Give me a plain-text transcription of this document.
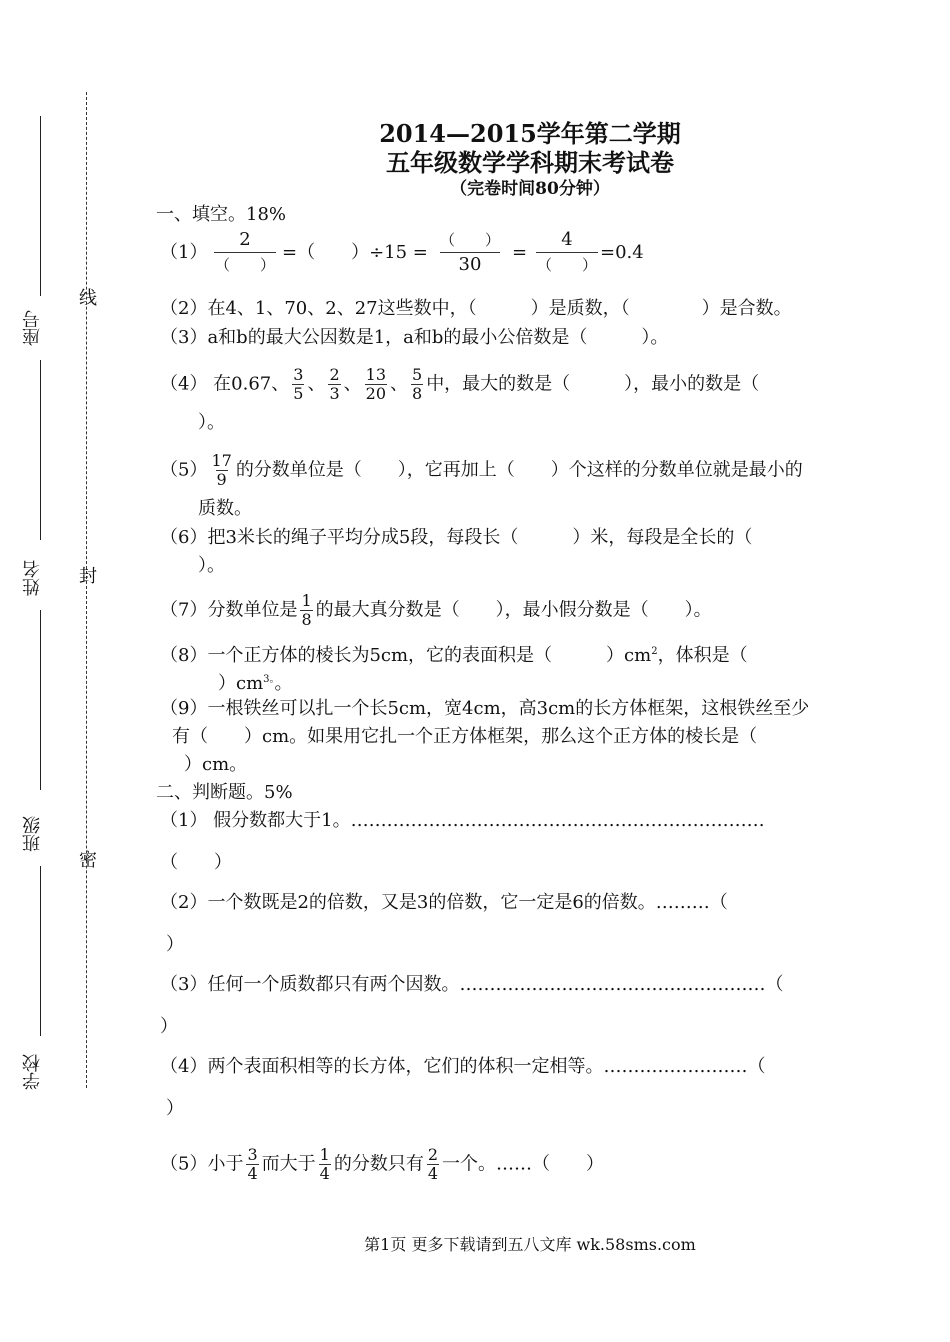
座号
姓名
班级
学校
线
封
密
2014—2015学年第二学期
五年级数学学科期末考试卷
（完卷时间80分钟）
一、填空。18%
（1）
2
（　　）
=（　　）÷15 =
（　　）
30
=
4
（　　）
=0.4
（2）在4、1、70、2、27这些数中，（　　　）是质数，（　　　　）是合数。
（3）a和b的最大公因数是1，a和b的最小公倍数是（　　　）。
（4） 在0.67、 $\frac{3}{5}$ 、 $\frac{2}{3}$ 、 $\frac{13}{20}$ 、 $\frac{5}{8}$ 中，最大的数是（　　　），最小的数是（
）。
$(5) \frac{17}{9}$ 的分数单位是（　　），它再加上（　　）个这样的分数单位就是最小的
质数。
（6）把3米长的绳子平均分成5段，每段长（　　　）米，每段是全长的（
）。
（7）分数单位是 $\frac{1}{8}$ 的最大真分数是（　　），最小假分数是（　　）。
（8）一个正方体的棱长为5cm，它的表面积是（　　　）$cm^2$，体积是（
）$cm^{3。}$。
（9）一根铁丝可以扎一个长5cm，宽4cm，高3cm的长方体框架，这根铁丝至少
有（　　）cm。如果用它扎一个正方体框架，那么这个正方体的棱长是（
）cm。
二、判断题。5%
（1） 假分数都大于1。……………………………………………………………
（　　）
（2）一个数既是2的倍数，又是3的倍数，它一定是6的倍数。………（
）
（3）任何一个质数都只有两个因数。……………………………………………（
）
（4）两个表面积相等的长方体，它们的体积一定相等。……………………（
）
（5）小于 $\frac{3}{4}$ 而大于 $\frac{1}{4}$ 的分数只有 $\frac{2}{4}$ 一个。……（　　）
第1页 更多下载请到五八文库 wk.58sms.com
